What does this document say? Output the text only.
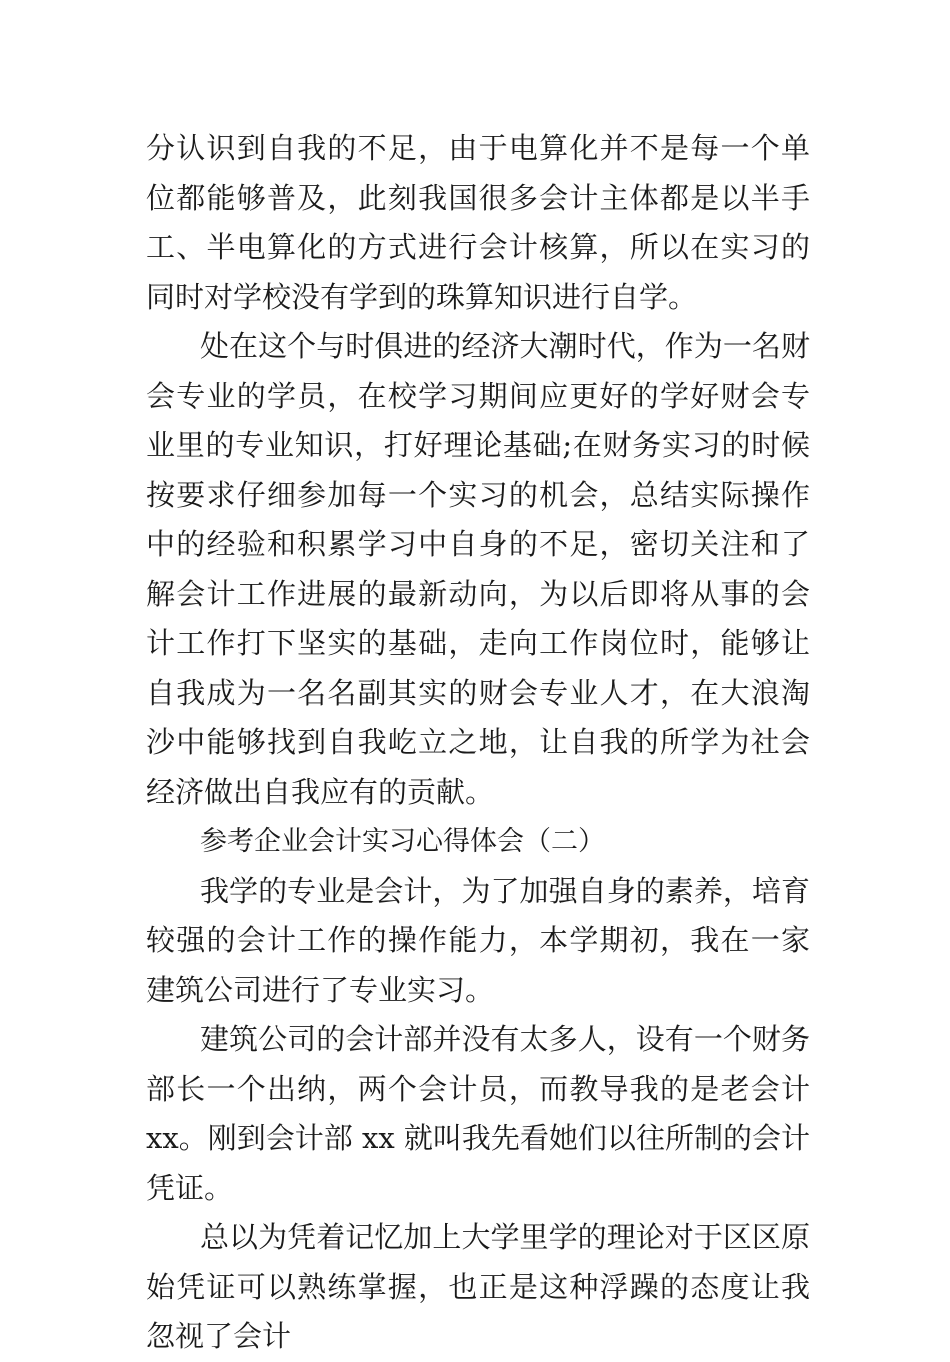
分认识到自我的不足，由于电算化并不是每一个单位都能够普及，此刻我国很多会计主体都是以半手工、半电算化的方式进行会计核算，所以在实习的同时对学校没有学到的珠算知识进行自学。

处在这个与时俱进的经济大潮时代，作为一名财会专业的学员，在校学习期间应更好的学好财会专业里的专业知识，打好理论基础;在财务实习的时候按要求仔细参加每一个实习的机会，总结实际操作中的经验和积累学习中自身的不足，密切关注和了解会计工作进展的最新动向，为以后即将从事的会计工作打下坚实的基础，走向工作岗位时，能够让自我成为一名名副其实的财会专业人才，在大浪淘沙中能够找到自我屹立之地，让自我的所学为社会经济做出自我应有的贡献。

参考企业会计实习心得体会（二）

我学的专业是会计，为了加强自身的素养，培育较强的会计工作的操作能力，本学期初，我在一家建筑公司进行了专业实习。

建筑公司的会计部并没有太多人，设有一个财务部长一个出纳，两个会计员，而教导我的是老会计 xx。刚到会计部 xx 就叫我先看她们以往所制的会计凭证。

总以为凭着记忆加上大学里学的理论对于区区原始凭证可以熟练掌握，也正是这种浮躁的态度让我忽视了会计
